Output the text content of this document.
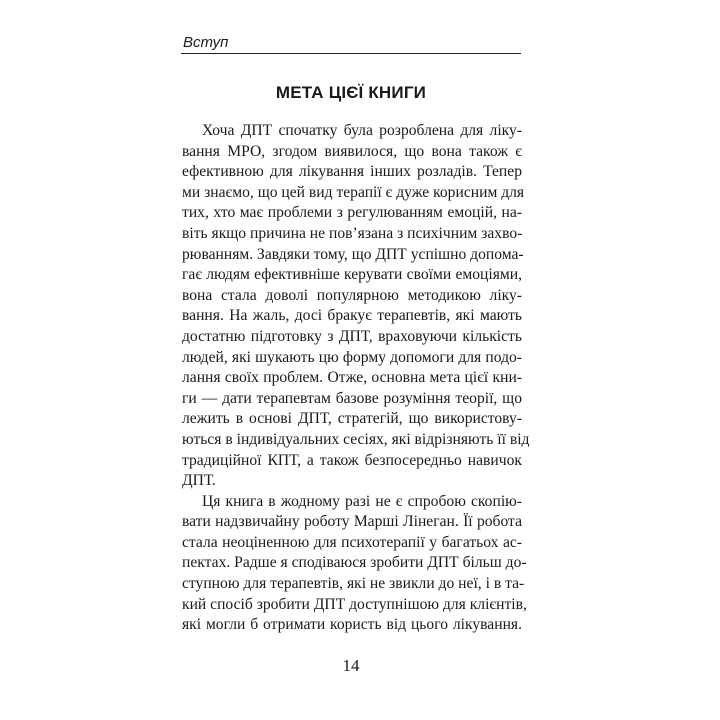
Вступ
МЕТА ЦІЄЇ КНИГИ
Хоча ДПТ спочатку була розроблена для ліку-
вання МРО, згодом виявилося, що вона також є
ефективною для лікування інших розладів. Тепер
ми знаємо, що цей вид терапії є дуже корисним для
тих, хто має проблеми з регулюванням емоцій, на-
віть якщо причина не пов’язана з психічним захво-
рюванням. Завдяки тому, що ДПТ успішно допома-
гає людям ефективніше керувати своїми емоціями,
вона стала доволі популярною методикою ліку-
вання. На жаль, досі бракує терапевтів, які мають
достатню підготовку з ДПТ, враховуючи кількість
людей, які шукають цю форму допомоги для подо-
лання своїх проблем. Отже, основна мета цієї кни-
ги — дати терапевтам базове розуміння теорії, що
лежить в основі ДПТ, стратегій, що використову-
ються в індивідуальних сесіях, які відрізняють її від
традиційної КПТ, а також безпосередньо навичок
ДПТ.
Ця книга в жодному разі не є спробою скопію-
вати надзвичайну роботу Марші Лінеган. Її робота
стала неоціненною для психотерапії у багатьох ас-
пектах. Радше я сподіваюся зробити ДПТ більш до-
ступною для терапевтів, які не звикли до неї, і в та-
кий спосіб зробити ДПТ доступнішою для клієнтів,
які могли б отримати користь від цього лікування.
14
